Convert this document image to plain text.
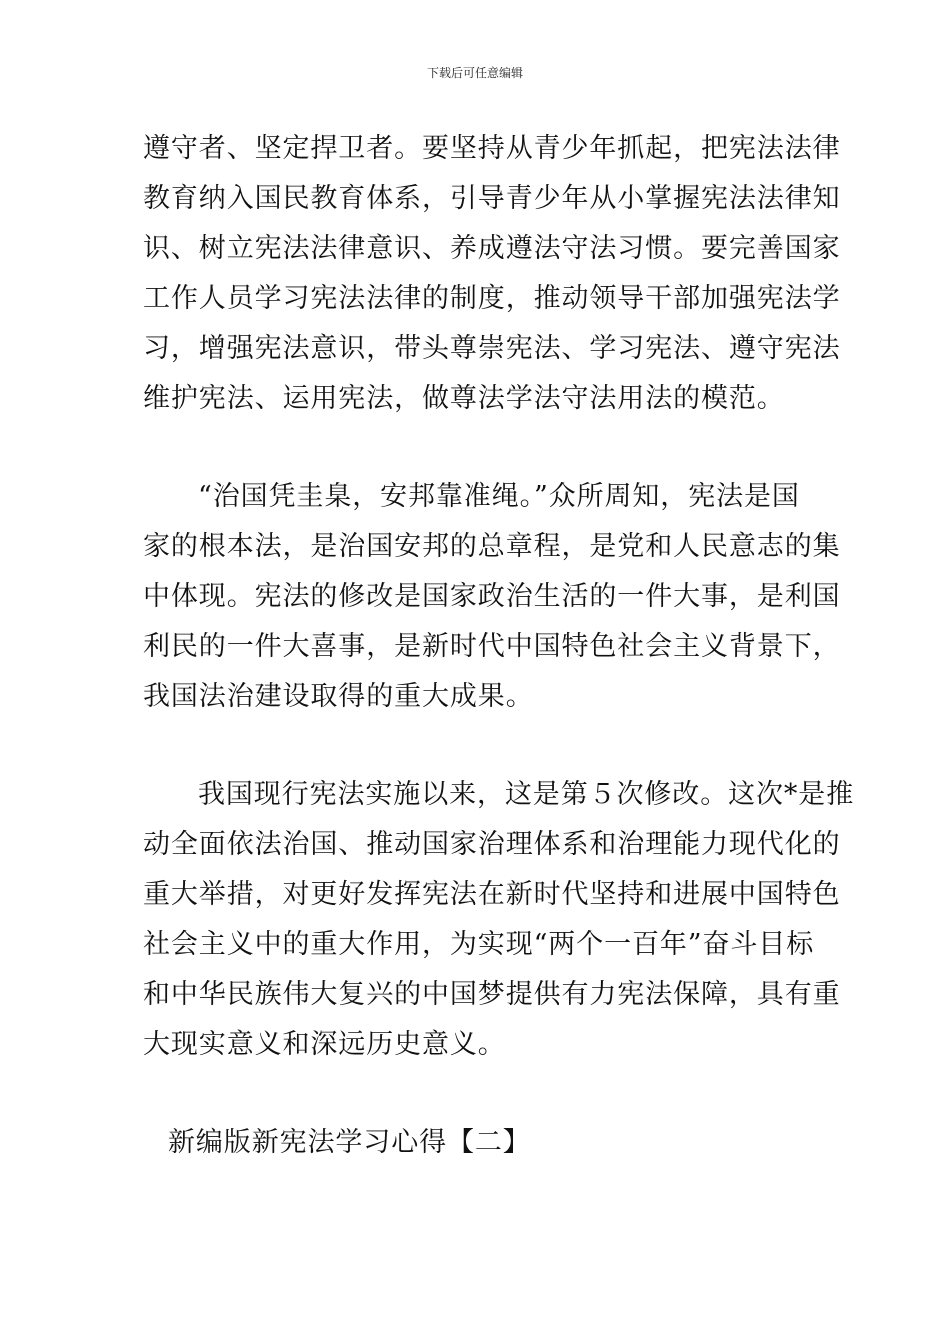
下载后可任意编辑
遵守者、坚定捍卫者。要坚持从青少年抓起，把宪法法律
教育纳入国民教育体系，引导青少年从小掌握宪法法律知
识、树立宪法法律意识、养成遵法守法习惯。要完善国家
工作人员学习宪法法律的制度，推动领导干部加强宪法学
习，增强宪法意识，带头尊崇宪法、学习宪法、遵守宪法
维护宪法、运用宪法，做尊法学法守法用法的模范。
“治国凭圭臬，安邦靠准绳。”众所周知，宪法是国
家的根本法，是治国安邦的总章程，是党和人民意志的集
中体现。宪法的修改是国家政治生活的一件大事，是利国
利民的一件大喜事，是新时代中国特色社会主义背景下，
我国法治建设取得的重大成果。
我国现行宪法实施以来，这是第５次修改。这次*是推
动全面依法治国、推动国家治理体系和治理能力现代化的
重大举措，对更好发挥宪法在新时代坚持和进展中国特色
社会主义中的重大作用，为实现“两个一百年”奋斗目标
和中华民族伟大复兴的中国梦提供有力宪法保障，具有重
大现实意义和深远历史意义。
新编版新宪法学习心得【二】
